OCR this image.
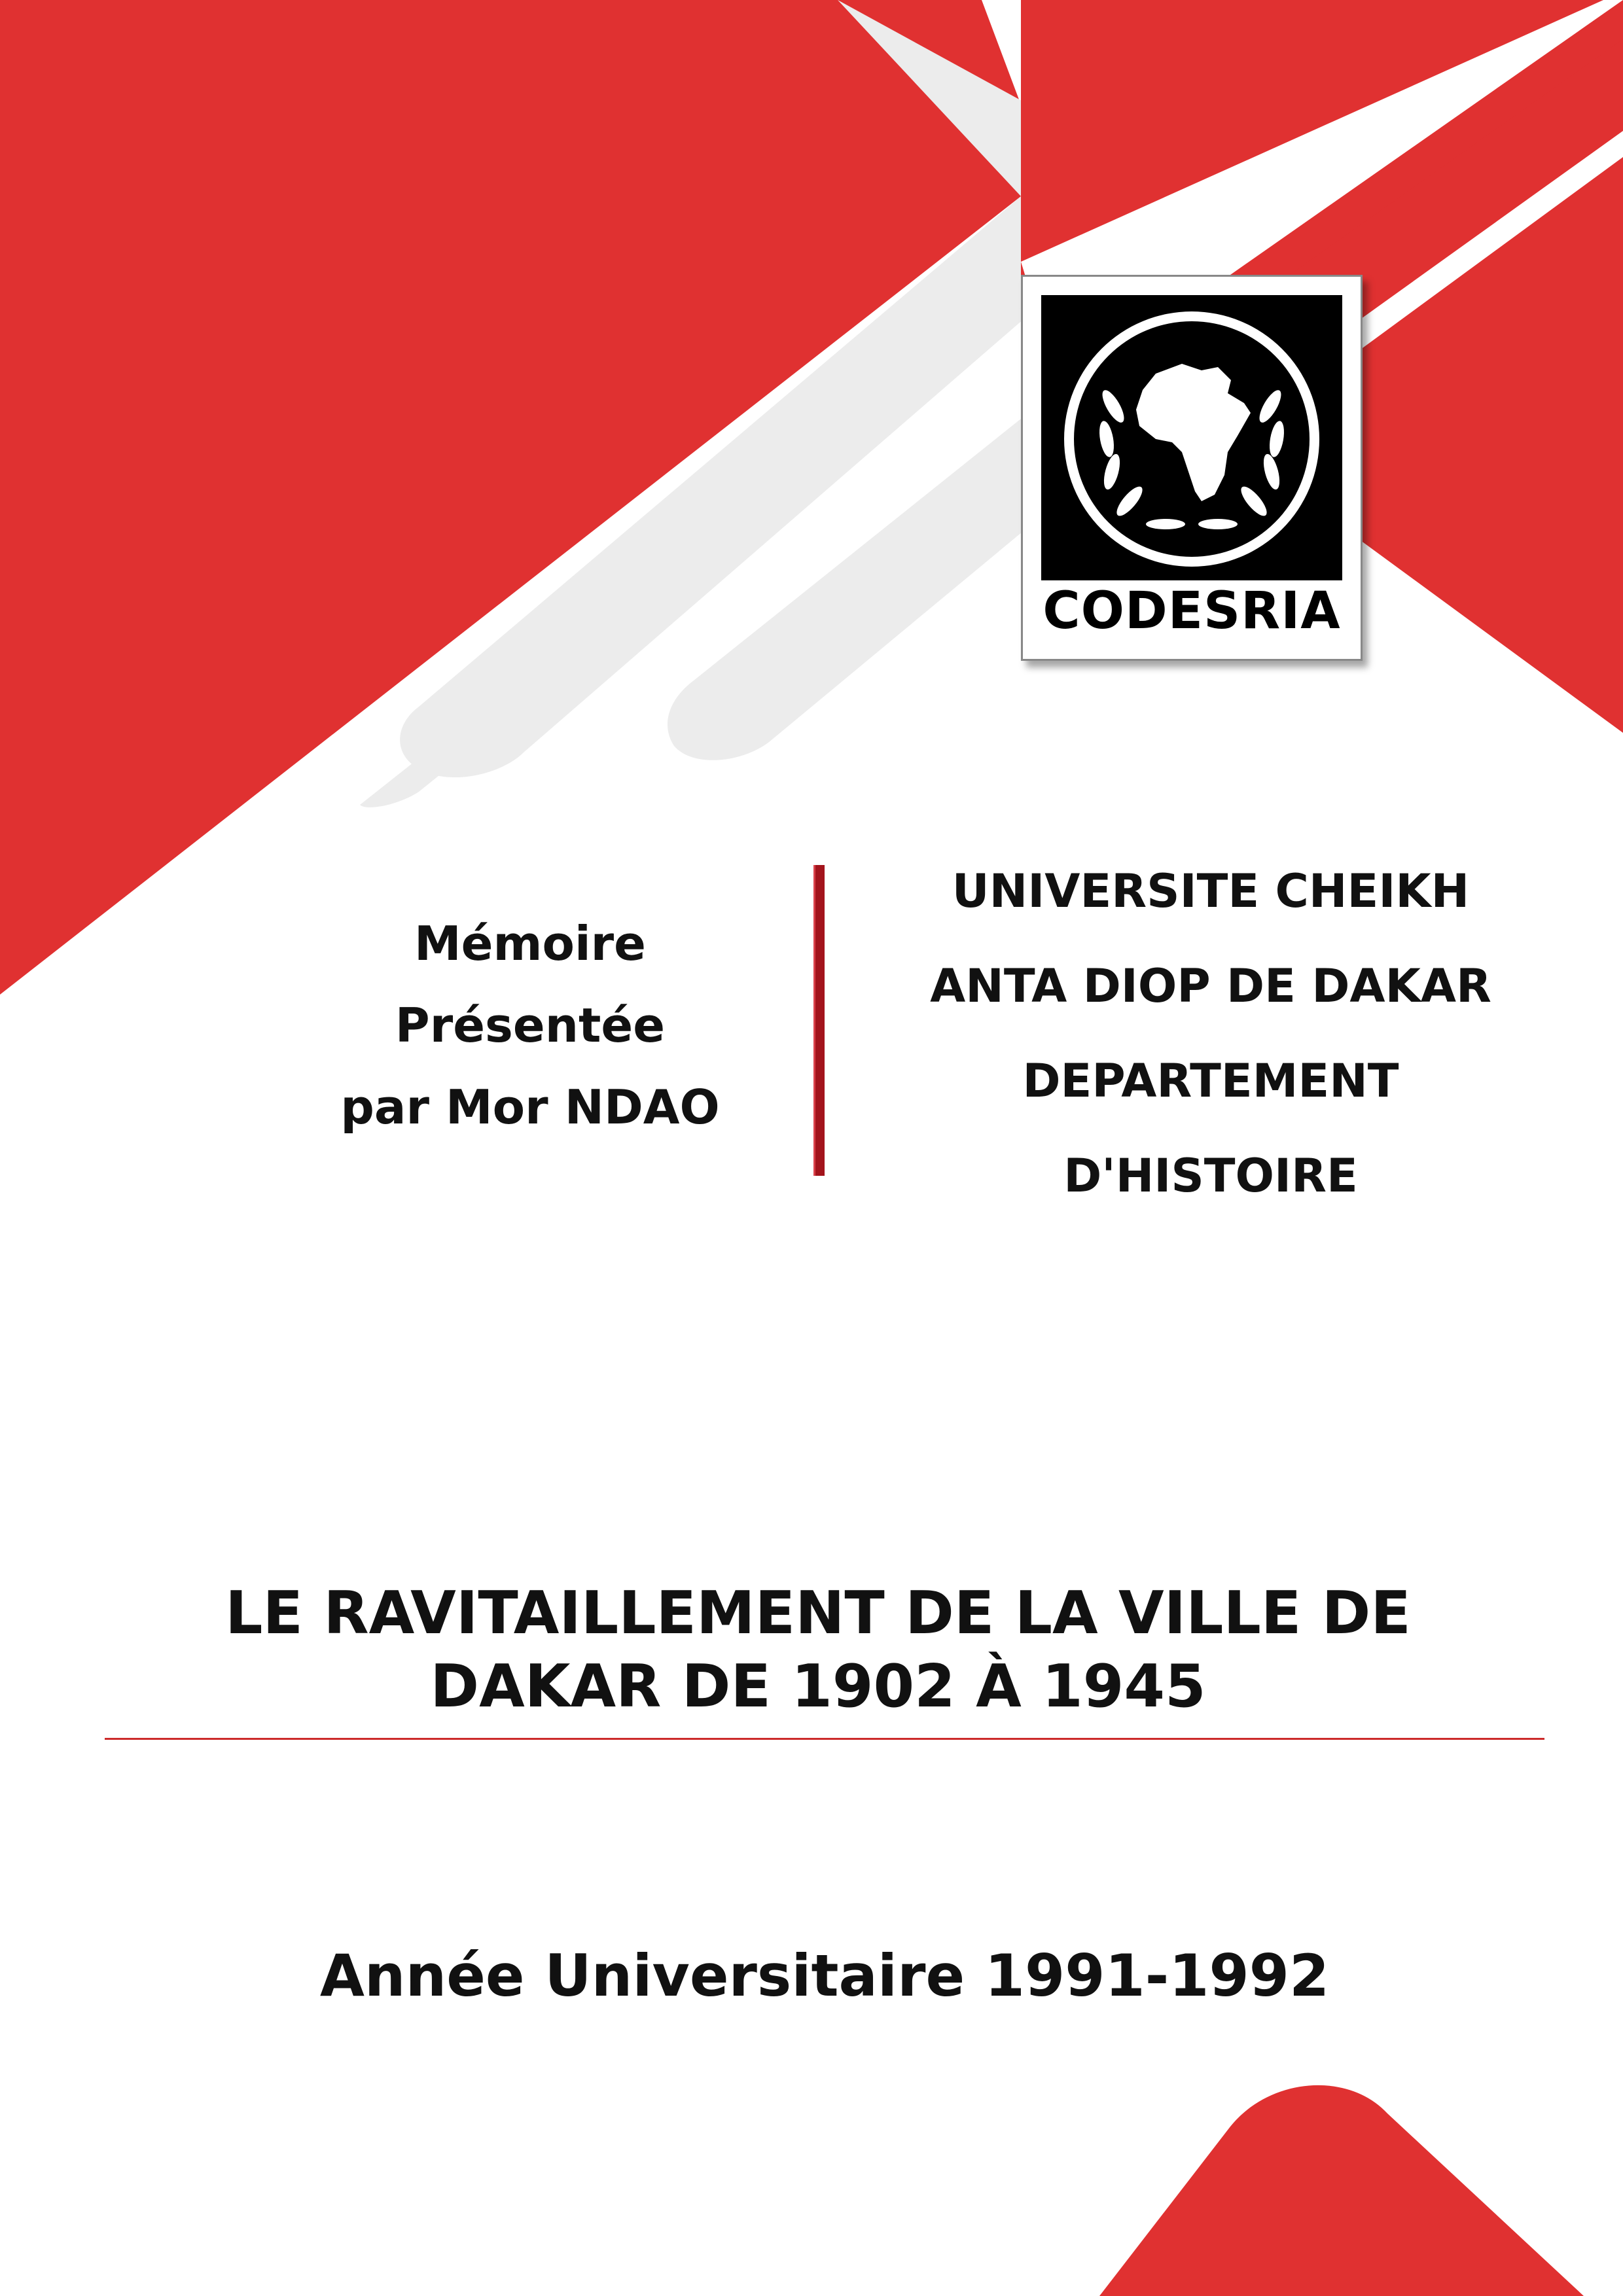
CODESRIA
Mémoire
Présentée
par Mor NDAO
UNIVERSITE CHEIKH
ANTA DIOP DE DAKAR
DEPARTEMENT
D'HISTOIRE
LE RAVITAILLEMENT DE LA VILLE DE
DAKAR DE 1902 À 1945
Année Universitaire 1991-1992
